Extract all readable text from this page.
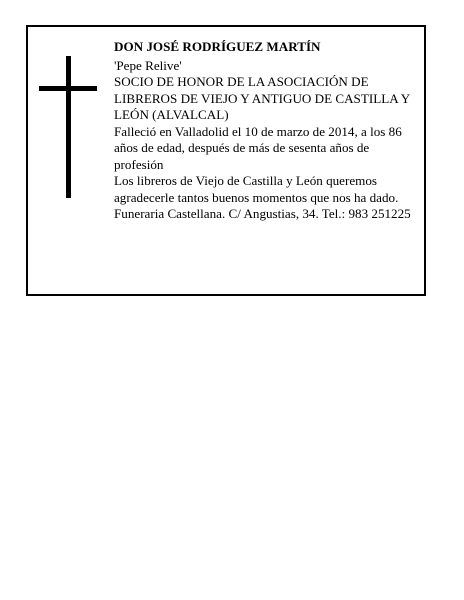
DON JOSÉ RODRÍGUEZ MARTÍN

'Pepe Relive'

SOCIO DE HONOR DE LA ASOCIACIÓN DE LIBREROS DE VIEJO Y ANTIGUO DE CASTILLA Y LEÓN (ALVALCAL)

Falleció en Valladolid el 10 de marzo de 2014, a los 86 años de edad, después de más de sesenta años de profesión

Los libreros de Viejo de Castilla y León queremos agradecerle tantos buenos momentos que nos ha dado.

Funeraria Castellana. C/ Angustias, 34. Tel.: 983 251225
